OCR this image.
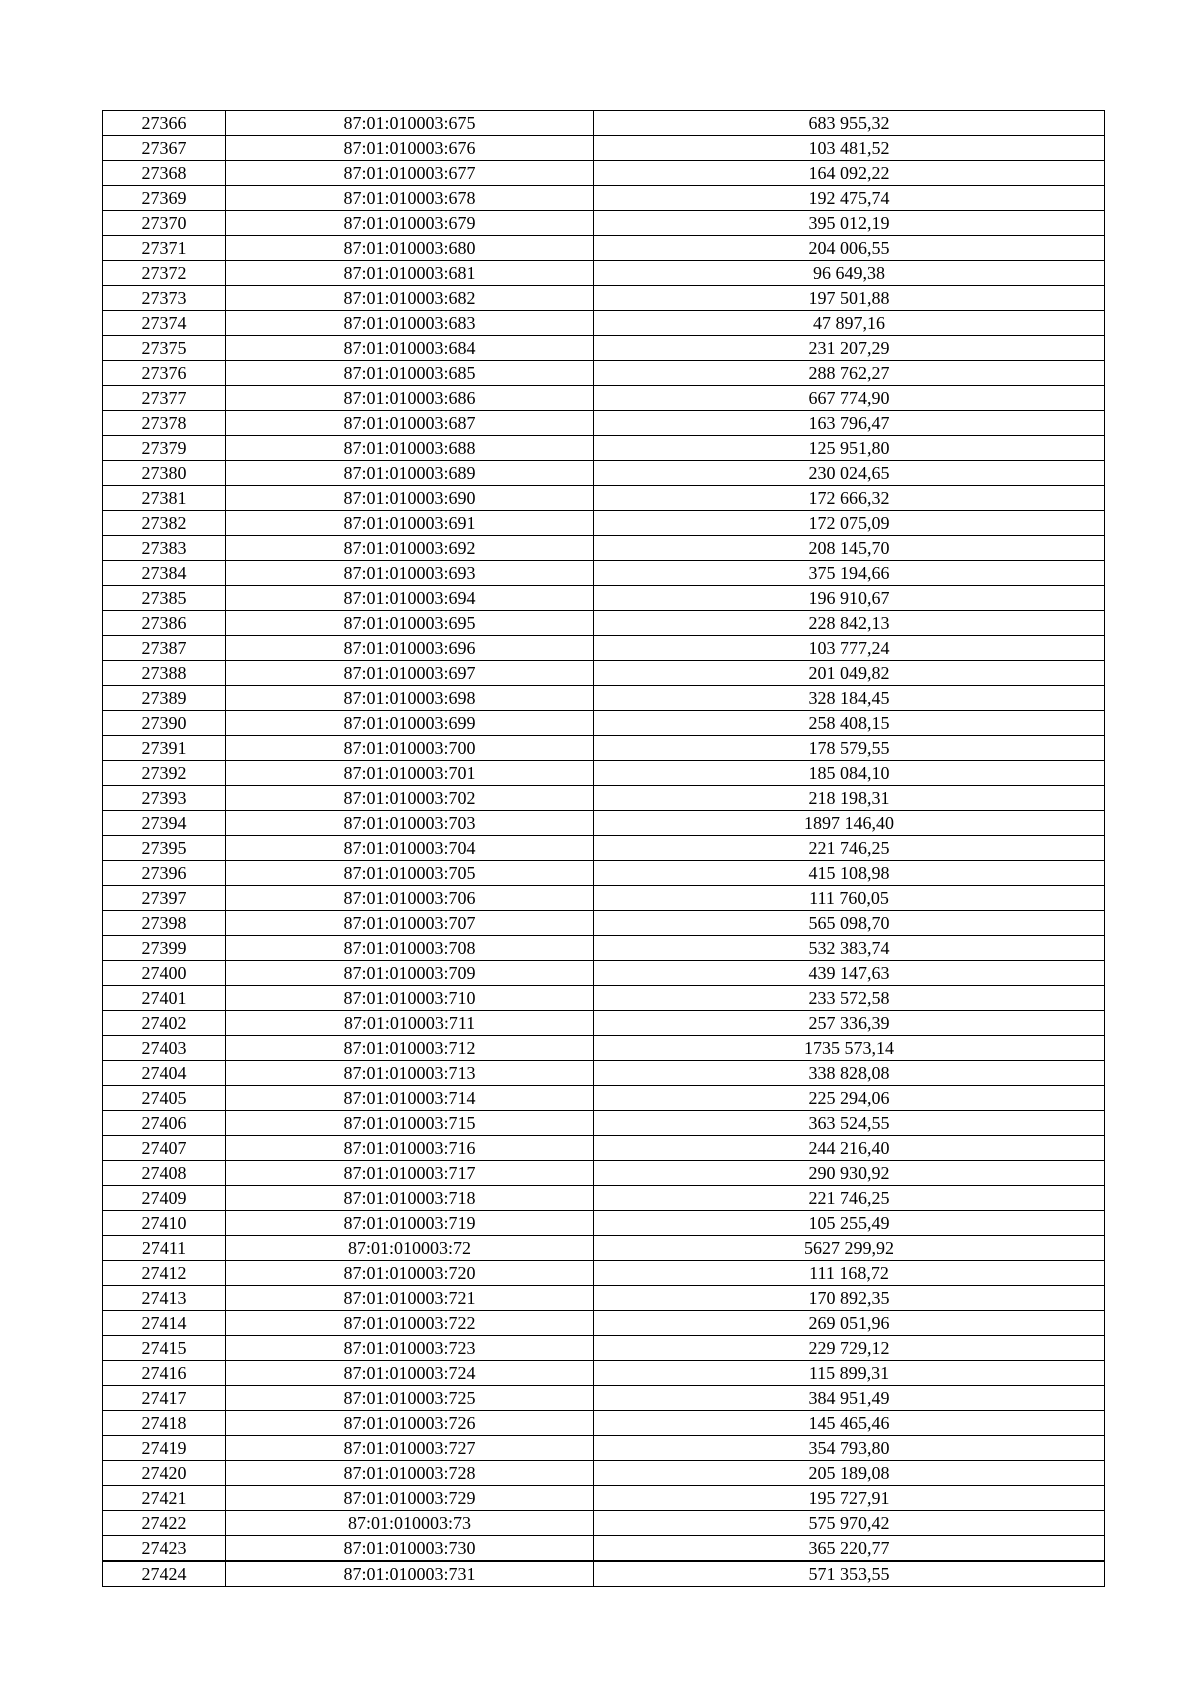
27366	87:01:010003:675	683 955,32
27367	87:01:010003:676	103 481,52
27368	87:01:010003:677	164 092,22
27369	87:01:010003:678	192 475,74
27370	87:01:010003:679	395 012,19
27371	87:01:010003:680	204 006,55
27372	87:01:010003:681	96 649,38
27373	87:01:010003:682	197 501,88
27374	87:01:010003:683	47 897,16
27375	87:01:010003:684	231 207,29
27376	87:01:010003:685	288 762,27
27377	87:01:010003:686	667 774,90
27378	87:01:010003:687	163 796,47
27379	87:01:010003:688	125 951,80
27380	87:01:010003:689	230 024,65
27381	87:01:010003:690	172 666,32
27382	87:01:010003:691	172 075,09
27383	87:01:010003:692	208 145,70
27384	87:01:010003:693	375 194,66
27385	87:01:010003:694	196 910,67
27386	87:01:010003:695	228 842,13
27387	87:01:010003:696	103 777,24
27388	87:01:010003:697	201 049,82
27389	87:01:010003:698	328 184,45
27390	87:01:010003:699	258 408,15
27391	87:01:010003:700	178 579,55
27392	87:01:010003:701	185 084,10
27393	87:01:010003:702	218 198,31
27394	87:01:010003:703	1897 146,40
27395	87:01:010003:704	221 746,25
27396	87:01:010003:705	415 108,98
27397	87:01:010003:706	111 760,05
27398	87:01:010003:707	565 098,70
27399	87:01:010003:708	532 383,74
27400	87:01:010003:709	439 147,63
27401	87:01:010003:710	233 572,58
27402	87:01:010003:711	257 336,39
27403	87:01:010003:712	1735 573,14
27404	87:01:010003:713	338 828,08
27405	87:01:010003:714	225 294,06
27406	87:01:010003:715	363 524,55
27407	87:01:010003:716	244 216,40
27408	87:01:010003:717	290 930,92
27409	87:01:010003:718	221 746,25
27410	87:01:010003:719	105 255,49
27411	87:01:010003:72	5627 299,92
27412	87:01:010003:720	111 168,72
27413	87:01:010003:721	170 892,35
27414	87:01:010003:722	269 051,96
27415	87:01:010003:723	229 729,12
27416	87:01:010003:724	115 899,31
27417	87:01:010003:725	384 951,49
27418	87:01:010003:726	145 465,46
27419	87:01:010003:727	354 793,80
27420	87:01:010003:728	205 189,08
27421	87:01:010003:729	195 727,91
27422	87:01:010003:73	575 970,42
27423	87:01:010003:730	365 220,77
27424	87:01:010003:731	571 353,55
